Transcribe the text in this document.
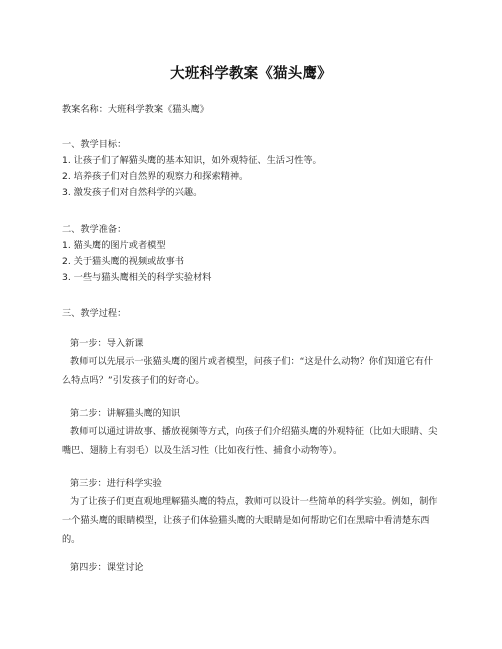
大班科学教案《猫头鹰》
教案名称：大班科学教案《猫头鹰》
一、教学目标：
1. 让孩子们了解猫头鹰的基本知识，如外观特征、生活习性等。
2. 培养孩子们对自然界的观察力和探索精神。
3. 激发孩子们对自然科学的兴趣。
二、教学准备：
1. 猫头鹰的图片或者模型
2. 关于猫头鹰的视频或故事书
3. 一些与猫头鹰相关的科学实验材料
三、教学过程：
第一步：导入新课
教师可以先展示一张猫头鹰的图片或者模型，问孩子们：“这是什么动物？你们知道它有什么特点吗？”引发孩子们的好奇心。
第二步：讲解猫头鹰的知识
教师可以通过讲故事、播放视频等方式，向孩子们介绍猫头鹰的外观特征（比如大眼睛、尖嘴巴、翅膀上有羽毛）以及生活习性（比如夜行性、捕食小动物等）。
第三步：进行科学实验
为了让孩子们更直观地理解猫头鹰的特点，教师可以设计一些简单的科学实验。例如，制作一个猫头鹰的眼睛模型，让孩子们体验猫头鹰的大眼睛是如何帮助它们在黑暗中看清楚东西的。
第四步：课堂讨论
